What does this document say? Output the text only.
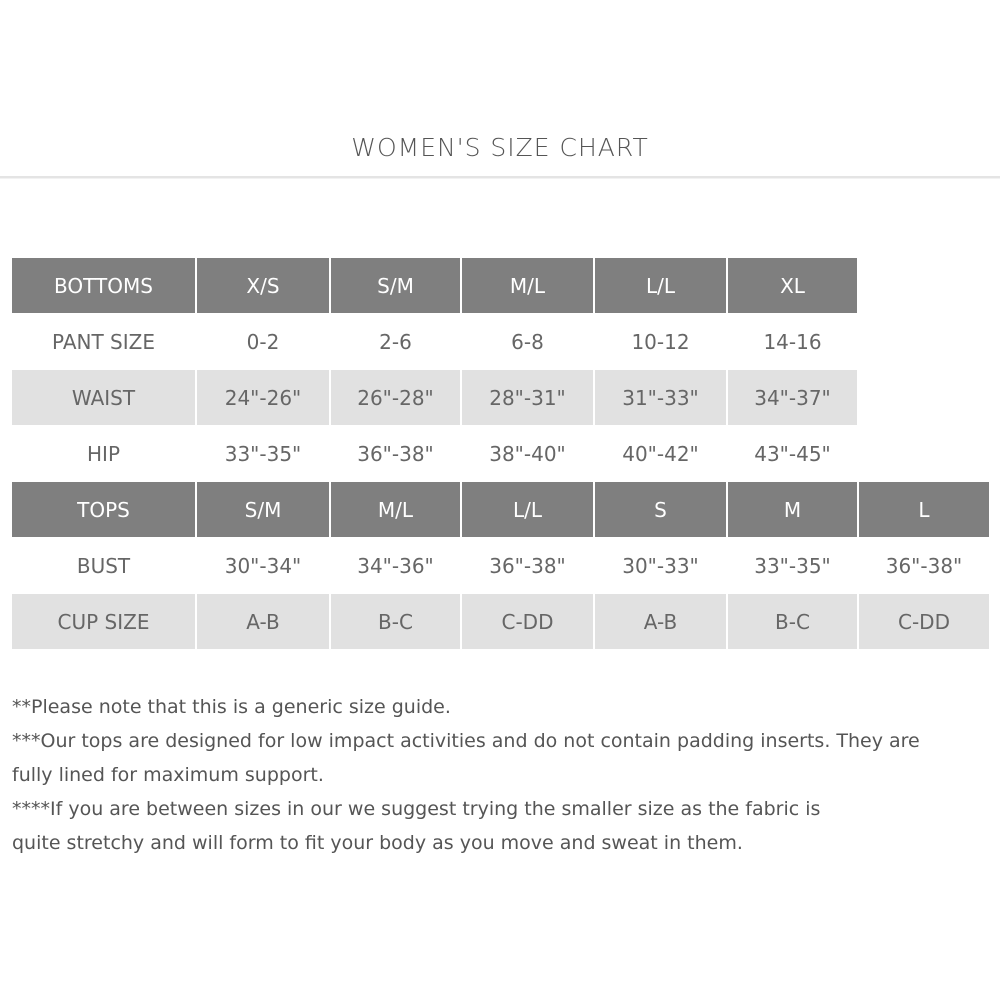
WOMEN'S SIZE CHART
BOTTOMS	X/S	S/M	M/L	L/L	XL
PANT SIZE	0-2	2-6	6-8	10-12	14-16
WAIST	24"-26"	26"-28"	28"-31"	31"-33"	34"-37"
HIP	33"-35"	36"-38"	38"-40"	40"-42"	43"-45"
TOPS	S/M	M/L	L/L	S	M	L
BUST	30"-34"	34"-36"	36"-38"	30"-33"	33"-35"	36"-38"
CUP SIZE	A-B	B-C	C-DD	A-B	B-C	C-DD

**Please note that this is a generic size guide.

***Our tops are designed for low impact activities and do not contain padding inserts. They are

fully lined for maximum support.

****If you are between sizes in our we suggest trying the smaller size as the fabric is

quite stretchy and will form to fit your body as you move and sweat in them.
